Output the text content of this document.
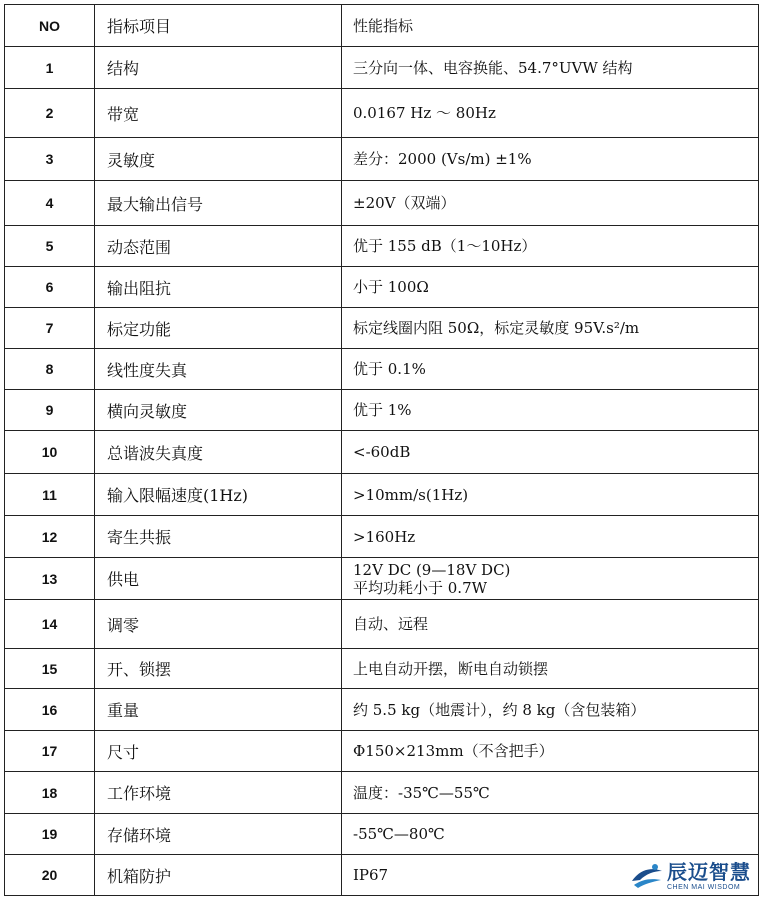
NO	指标项目	性能指标
1	结构	三分向一体、电容换能、54.7°UVW 结构

2	带宽	0.0167 Hz ～ 80Hz

3	灵敏度	差分：2000 (Vs/m) ±1%

4	最大输出信号	±20V（双端）

5	动态范围	优于 155 dB（1～10Hz）

6	输出阻抗	小于 100Ω

7	标定功能	标定线圈内阻 50Ω，标定灵敏度 95V.s²/m

8	线性度失真	优于 0.1%

9	横向灵敏度	优于 1%

10	总谐波失真度	<-60dB

11	输入限幅速度(1Hz)	>10mm/s(1Hz)

12	寄生共振	>160Hz

13	供电	12V DC (9—18V DC)
平均功耗小于 0.7W

14	调零	自动、远程

15	开、锁摆	上电自动开摆，断电自动锁摆

16	重量	约 5.5 kg（地震计），约 8 kg（含包装箱）

17	尺寸	Φ150×213mm（不含把手）

18	工作环境	温度：-35℃—55℃

19	存储环境	-55℃—80℃

20	机箱防护	IP67	辰迈智慧
CHEN MAI WISDOM
